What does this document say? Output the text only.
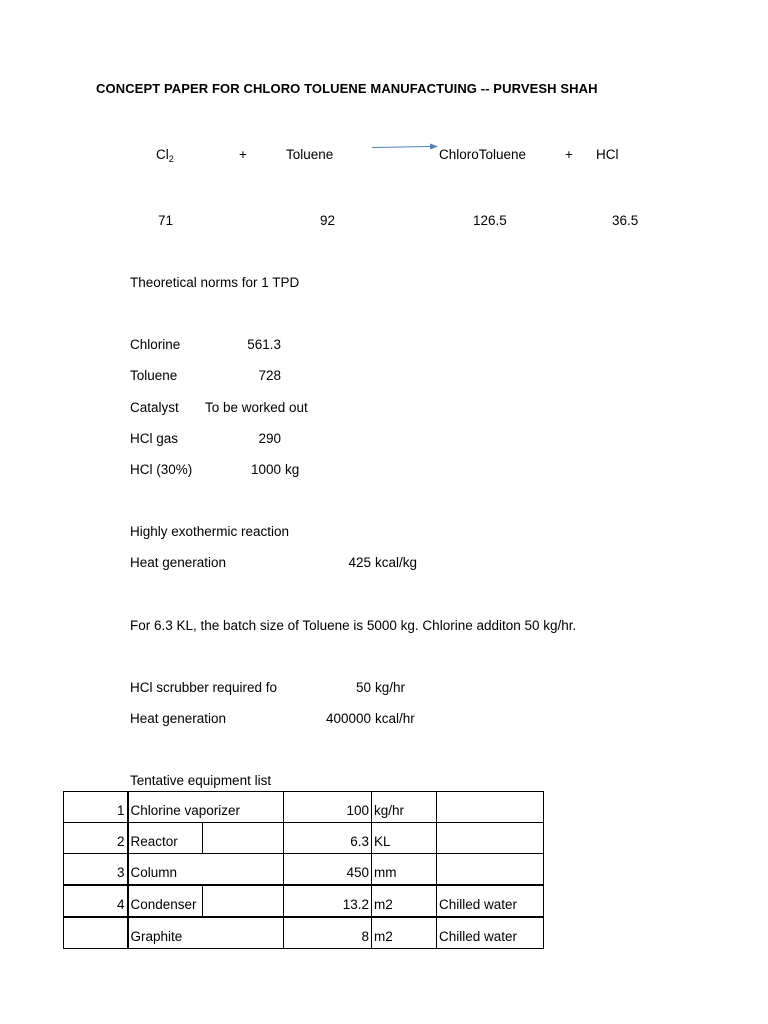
CONCEPT PAPER FOR CHLORO TOLUENE MANUFACTUING -- PURVESH SHAH
$Cl_2$	+	Toluene	ChloroToluene	+ HCl
71	92	126.5	36.5
Theoretical norms for 1 TPD
Chlorine	561.3
Toluene	728
Catalyst To be worked out
HCl gas	290
HCl (30%)	1000 kg
Highly exothermic reaction
Heat generation	425 kcal/kg
For 6.3 KL, the batch size of Toluene is 5000 kg. Chlorine additon 50 kg/hr.
HCl scrubber required fo	50 kg/hr
Heat generation	400000 kcal/hr
Tentative equipment list
1	Chlorine vaporizer		100	kg/hr	
2	Reactor		6.3	KL	
3	Column		450	mm	
4	Condenser		13.2	m2	Chilled water
	Graphite		8	m2	Chilled water
